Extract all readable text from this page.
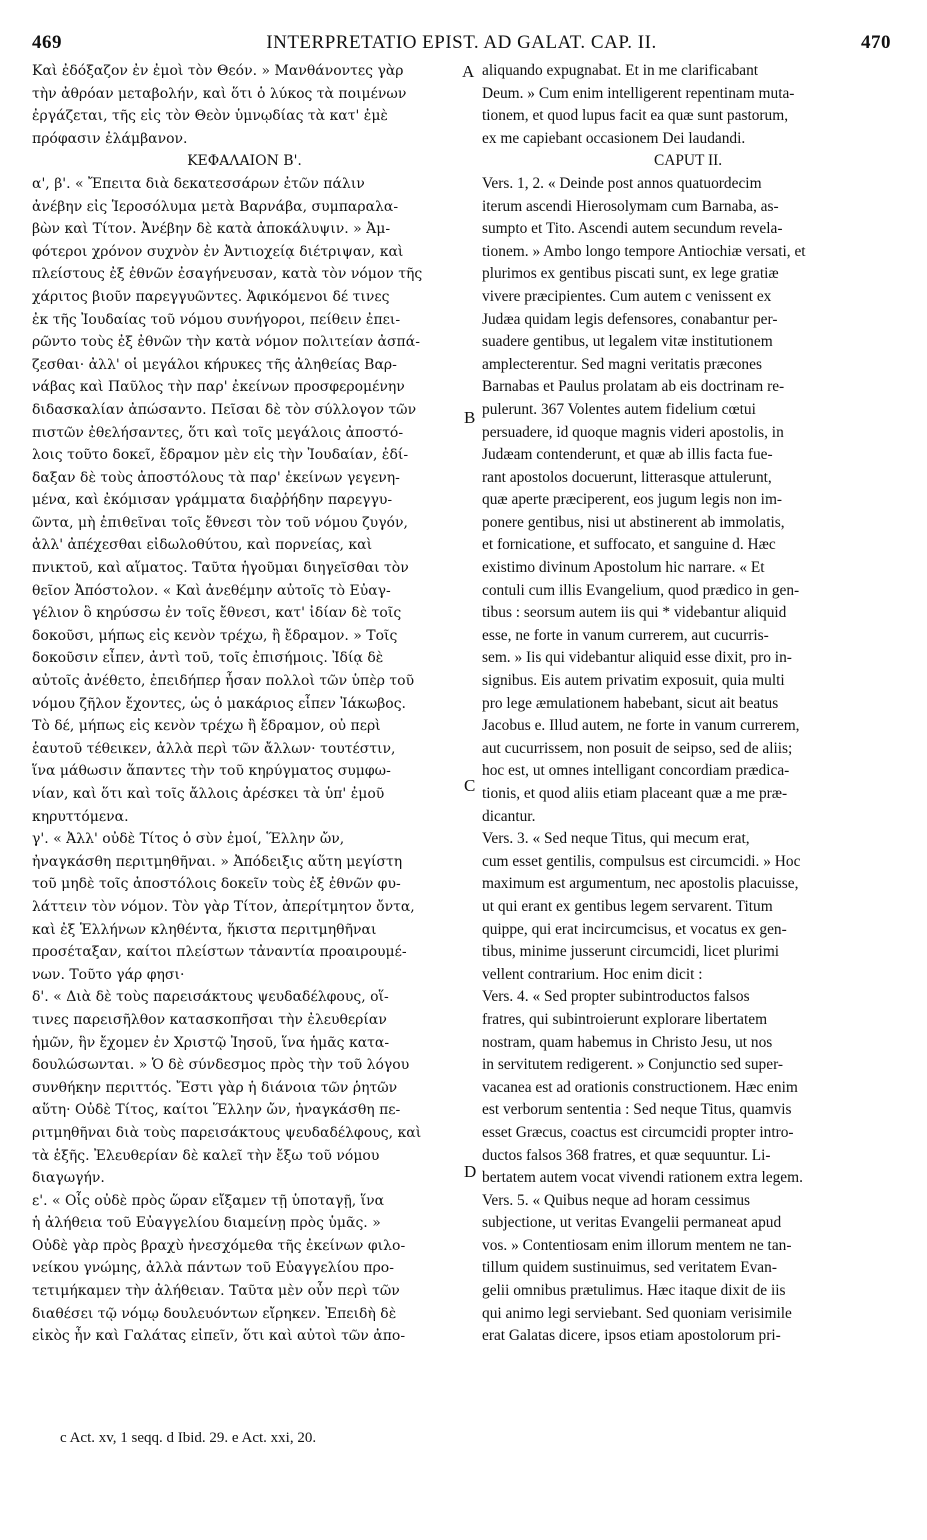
469	INTERPRETATIO EPIST. AD GALAT. CAP. II.	470
Καὶ ἐδόξαζον ἐν ἐμοὶ τὸν Θεόν. » Μανθάνοντες γὰρ
τὴν ἀθρόαν μεταβολήν, καὶ ὅτι ὁ λύκος τὰ ποιμένων
ἐργάζεται, τῆς εἰς τὸν Θεὸν ὑμνῳδίας τὰ κατ' ἐμὲ
πρόφασιν ἐλάμβανον.
ΚΕΦΑΛΑΙΟΝ Β'.
α', β'. « Ἔπειτα διὰ δεκατεσσάρων ἐτῶν πάλιν
ἀνέβην εἰς Ἱεροσόλυμα μετὰ Βαρνάβα, συμπαραλα-
βὼν καὶ Τίτον. Ἀνέβην δὲ κατὰ ἀποκάλυψιν. » Ἀμ-
φότεροι χρόνον συχνὸν ἐν Ἀντιοχείᾳ διέτριψαν, καὶ
πλείστους ἐξ ἐθνῶν ἐσαγήνευσαν, κατὰ τὸν νόμον τῆς
χάριτος βιοῦν παρεγγυῶντες. Ἀφικόμενοι δέ τινες
ἐκ τῆς Ἰουδαίας τοῦ νόμου συνήγοροι, πείθειν ἐπει-
ρῶντο τοὺς ἐξ ἐθνῶν τὴν κατὰ νόμον πολιτείαν ἀσπά-
ζεσθαι· ἀλλ' οἱ μεγάλοι κήρυκες τῆς ἀληθείας Βαρ-
νάβας καὶ Παῦλος τὴν παρ' ἐκείνων προσφερομένην
διδασκαλίαν ἀπώσαντο. Πεῖσαι δὲ τὸν σύλλογον τῶν
πιστῶν ἐθελήσαντες, ὅτι καὶ τοῖς μεγάλοις ἀποστό-
λοις τοῦτο δοκεῖ, ἔδραμον μὲν εἰς τὴν Ἰουδαίαν, ἐδί-
δαξαν δὲ τοὺς ἀποστόλους τὰ παρ' ἐκείνων γεγενη-
μένα, καὶ ἐκόμισαν γράμματα διαῤῥήδην παρεγγυ-
ῶντα, μὴ ἐπιθεῖναι τοῖς ἔθνεσι τὸν τοῦ νόμου ζυγόν,
ἀλλ' ἀπέχεσθαι εἰδωλοθύτου, καὶ πορνείας, καὶ
πνικτοῦ, καὶ αἵματος. Ταῦτα ἡγοῦμαι διηγεῖσθαι τὸν
θεῖον Ἀπόστολον. « Καὶ ἀνεθέμην αὐτοῖς τὸ Εὐαγ-
γέλιον ὃ κηρύσσω ἐν τοῖς ἔθνεσι, κατ' ἰδίαν δὲ τοῖς
δοκοῦσι, μήπως εἰς κενὸν τρέχω, ἢ ἔδραμον. » Τοῖς
δοκοῦσιν εἶπεν, ἀντὶ τοῦ, τοῖς ἐπισήμοις. Ἰδίᾳ δὲ
αὐτοῖς ἀνέθετο, ἐπειδήπερ ἦσαν πολλοὶ τῶν ὑπὲρ τοῦ
νόμου ζῆλον ἔχοντες, ὡς ὁ μακάριος εἶπεν Ἰάκωβος.
Τὸ δέ, μήπως εἰς κενὸν τρέχω ἢ ἔδραμον, οὐ περὶ
ἑαυτοῦ τέθεικεν, ἀλλὰ περὶ τῶν ἄλλων· τουτέστιν,
ἵνα μάθωσιν ἅπαντες τὴν τοῦ κηρύγματος συμφω-
νίαν, καὶ ὅτι καὶ τοῖς ἄλλοις ἀρέσκει τὰ ὑπ' ἐμοῦ
κηρυττόμενα.
γ'. « Ἀλλ' οὐδὲ Τίτος ὁ σὺν ἐμοί, Ἕλλην ὤν,
ἠναγκάσθη περιτμηθῆναι. » Ἀπόδειξις αὕτη μεγίστη
τοῦ μηδὲ τοῖς ἀποστόλοις δοκεῖν τοὺς ἐξ ἐθνῶν φυ-
λάττειν τὸν νόμον. Τὸν γὰρ Τίτον, ἀπερίτμητον ὄντα,
καὶ ἐξ Ἑλλήνων κληθέντα, ἥκιστα περιτμηθῆναι
προσέταξαν, καίτοι πλείστων τἀναντία προαιρουμέ-
νων. Τοῦτο γάρ φησι·
δ'. « Διὰ δὲ τοὺς παρεισάκτους ψευδαδέλφους, οἵ-
τινες παρεισῆλθον κατασκοπῆσαι τὴν ἐλευθερίαν
ἡμῶν, ἣν ἔχομεν ἐν Χριστῷ Ἰησοῦ, ἵνα ἡμᾶς κατα-
δουλώσωνται. » Ὁ δὲ σύνδεσμος πρὸς τὴν τοῦ λόγου
συνθήκην περιττός. Ἔστι γὰρ ἡ διάνοια τῶν ῥητῶν
αὕτη· Οὐδὲ Τίτος, καίτοι Ἕλλην ὤν, ἠναγκάσθη πε-
ριτμηθῆναι διὰ τοὺς παρεισάκτους ψευδαδέλφους, καὶ
τὰ ἑξῆς. Ἐλευθερίαν δὲ καλεῖ τὴν ἔξω τοῦ νόμου
διαγωγήν.
ε'. « Οἷς οὐδὲ πρὸς ὥραν εἴξαμεν τῇ ὑποταγῇ, ἵνα
ἡ ἀλήθεια τοῦ Εὐαγγελίου διαμείνῃ πρὸς ὑμᾶς. »
Οὐδὲ γὰρ πρὸς βραχὺ ἠνεσχόμεθα τῆς ἐκείνων φιλο-
νείκου γνώμης, ἀλλὰ πάντων τοῦ Εὐαγγελίου προ-
τετιμήκαμεν τὴν ἀλήθειαν. Ταῦτα μὲν οὖν περὶ τῶν
διαθέσει τῷ νόμῳ δουλευόντων εἴρηκεν. Ἐπειδὴ δὲ
εἰκὸς ἦν καὶ Γαλάτας εἰπεῖν, ὅτι καὶ αὐτοὶ τῶν ἀπο-
aliquando expugnabat. Et in me clarificabant
Deum. » Cum enim intelligerent repentinam muta-
tionem, et quod lupus facit ea quæ sunt pastorum,
ex me capiebant occasionem Dei laudandi.
CAPUT II.
Vers. 1, 2. « Deinde post annos quatuordecim
iterum ascendi Hierosolymam cum Barnaba, as-
sumpto et Tito. Ascendi autem secundum revela-
tionem. » Ambo longo tempore Antiochiæ versati, et
plurimos ex gentibus piscati sunt, ex lege gratiæ
vivere præcipientes. Cum autem c venissent ex
Judæa quidam legis defensores, conabantur per-
suadere gentibus, ut legalem vitæ institutionem
amplecterentur. Sed magni veritatis præcones
Barnabas et Paulus prolatam ab eis doctrinam re-
pulerunt. 367 Volentes autem fidelium cœtui
persuadere, id quoque magnis videri apostolis, in
Judæam contenderunt, et quæ ab illis facta fue-
rant apostolos docuerunt, litterasque attulerunt,
quæ aperte præciperent, eos jugum legis non im-
ponere gentibus, nisi ut abstinerent ab immolatis,
et fornicatione, et suffocato, et sanguine d. Hæc
existimo divinum Apostolum hic narrare. « Et
contuli cum illis Evangelium, quod prædico in gen-
tibus : seorsum autem iis qui * videbantur aliquid
esse, ne forte in vanum currerem, aut cucurris-
sem. » Iis qui videbantur aliquid esse dixit, pro in-
signibus. Eis autem privatim exposuit, quia multi
pro lege æmulationem habebant, sicut ait beatus
Jacobus e. Illud autem, ne forte in vanum currerem,
aut cucurrissem, non posuit de seipso, sed de aliis;
hoc est, ut omnes intelligant concordiam prædica-
tionis, et quod aliis etiam placeant quæ a me præ-
dicantur.
Vers. 3. « Sed neque Titus, qui mecum erat,
cum esset gentilis, compulsus est circumcidi. » Hoc
maximum est argumentum, nec apostolis placuisse,
ut qui erant ex gentibus legem servarent. Titum
quippe, qui erat incircumcisus, et vocatus ex gen-
tibus, minime jusserunt circumcidi, licet plurimi
vellent contrarium. Hoc enim dicit :
Vers. 4. « Sed propter subintroductos falsos
fratres, qui subintroierunt explorare libertatem
nostram, quam habemus in Christo Jesu, ut nos
in servitutem redigerent. » Conjunctio sed super-
vacanea est ad orationis constructionem. Hæc enim
est verborum sententia : Sed neque Titus, quamvis
esset Græcus, coactus est circumcidi propter intro-
ductos falsos 368 fratres, et quæ sequuntur. Li-
bertatem autem vocat vivendi rationem extra legem.
Vers. 5. « Quibus neque ad horam cessimus
subjectione, ut veritas Evangelii permaneat apud
vos. » Contentiosam enim illorum mentem ne tan-
tillum quidem sustinuimus, sed veritatem Evan-
gelii omnibus prætulimus. Hæc itaque dixit de iis
qui animo legi serviebant. Sed quoniam verisimile
erat Galatas dicere, ipsos etiam apostolorum pri-
A
B
C
D
c Act. xv, 1 seqq. d Ibid. 29. e Act. xxi, 20.
